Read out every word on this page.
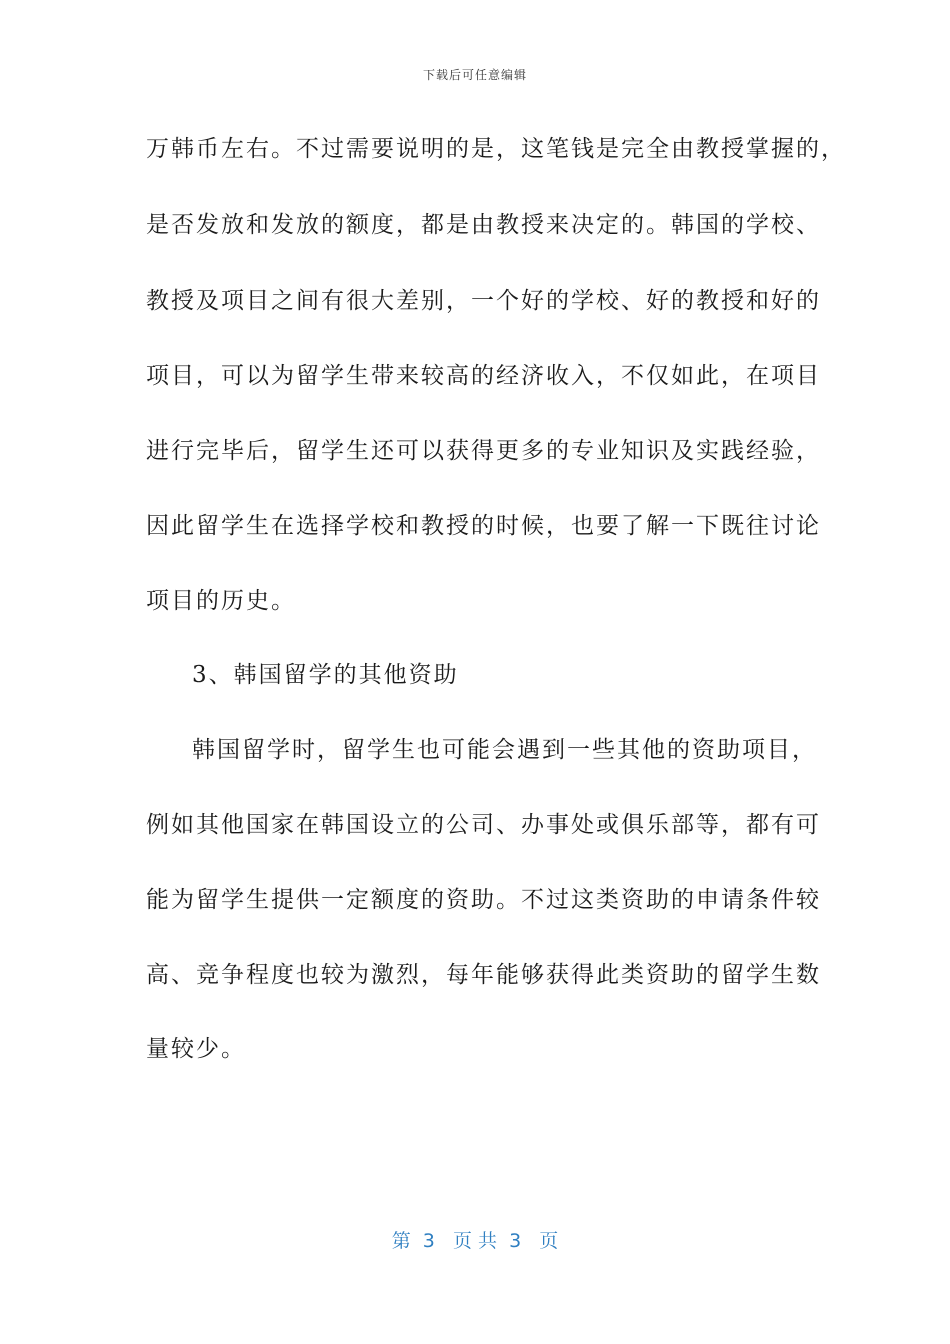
下载后可任意编辑
万韩币左右。不过需要说明的是，这笔钱是完全由教授掌握的，
是否发放和发放的额度，都是由教授来决定的。韩国的学校、
教授及项目之间有很大差别，一个好的学校、好的教授和好的
项目，可以为留学生带来较高的经济收入，不仅如此，在项目
进行完毕后，留学生还可以获得更多的专业知识及实践经验，
因此留学生在选择学校和教授的时候，也要了解一下既往讨论
项目的历史。
3、韩国留学的其他资助
韩国留学时，留学生也可能会遇到一些其他的资助项目，
例如其他国家在韩国设立的公司、办事处或俱乐部等，都有可
能为留学生提供一定额度的资助。不过这类资助的申请条件较
高、竞争程度也较为激烈，每年能够获得此类资助的留学生数
量较少。
第  3   页 共  3   页
